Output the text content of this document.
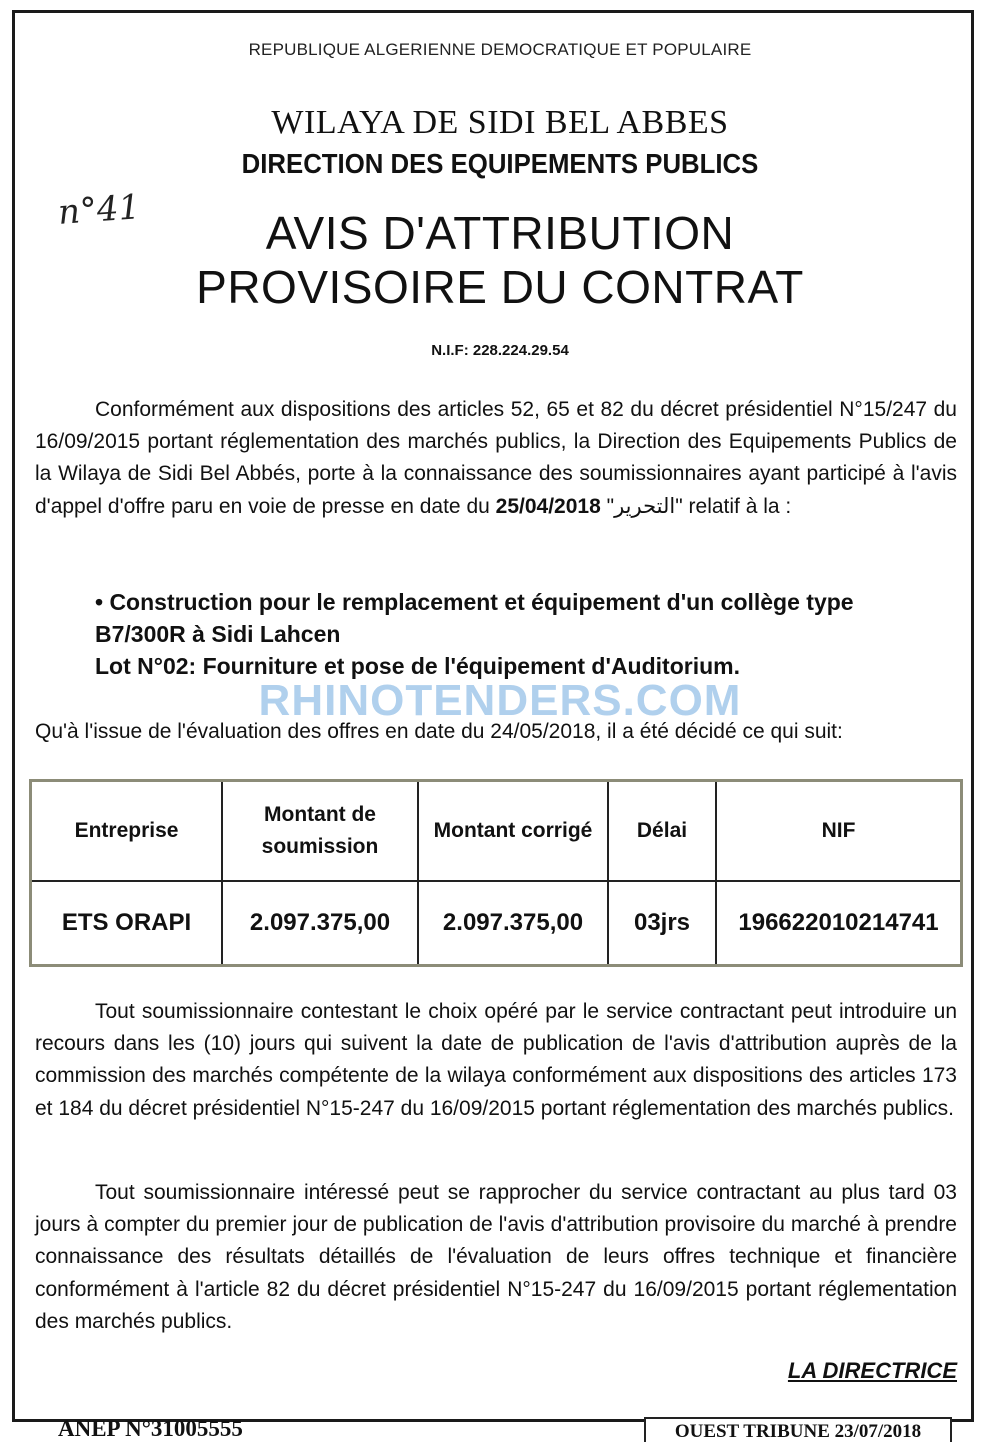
REPUBLIQUE ALGERIENNE DEMOCRATIQUE ET POPULAIRE
WILAYA DE SIDI BEL ABBES
DIRECTION DES EQUIPEMENTS PUBLICS
n°41	AVIS D'ATTRIBUTION
PROVISOIRE DU CONTRAT
N.I.F: 228.224.29.54
Conformément aux dispositions des articles 52, 65 et 82 du décret présidentiel N°15/247 du 16/09/2015 portant réglementation des marchés publics, la Direction des Equipements Publics de la Wilaya de Sidi Bel Abbés, porte à la connaissance des soumissionnaires ayant participé à l'avis d'appel d'offre paru en voie de presse en date du 25/04/2018 "التحرير" relatif à la :
• Construction pour le remplacement et équipement d'un collège type
B7/300R à Sidi Lahcen
Lot N°02: Fourniture et pose de l'équipement d'Auditorium.
Qu'à l'issue de l'évaluation des offres en date du 24/05/2018, il a été décidé ce qui suit:
RHINOTENDERS.COM
Entreprise	Montant de soumission	Montant corrigé	Délai	NIF
ETS ORAPI	2.097.375,00	2.097.375,00	03jrs	196622010214741
Tout soumissionnaire contestant le choix opéré par le service contractant peut introduire un recours dans les (10) jours qui suivent la date de publication de l'avis d'attribution auprès de la commission des marchés compétente de la wilaya conformément aux dispositions des articles 173 et 184 du décret présidentiel N°15-247 du 16/09/2015 portant réglementation des marchés publics.
Tout soumissionnaire intéressé peut se rapprocher du service contractant au plus tard 03 jours à compter du premier jour de publication de l'avis d'attribution provisoire du marché à prendre connaissance des résultats détaillés de l'évaluation de leurs offres technique et financière conformément à l'article 82 du décret présidentiel N°15-247 du 16/09/2015 portant réglementation des marchés publics.
LA DIRECTRICE
ANEP N°31005555	OUEST TRIBUNE 23/07/2018
